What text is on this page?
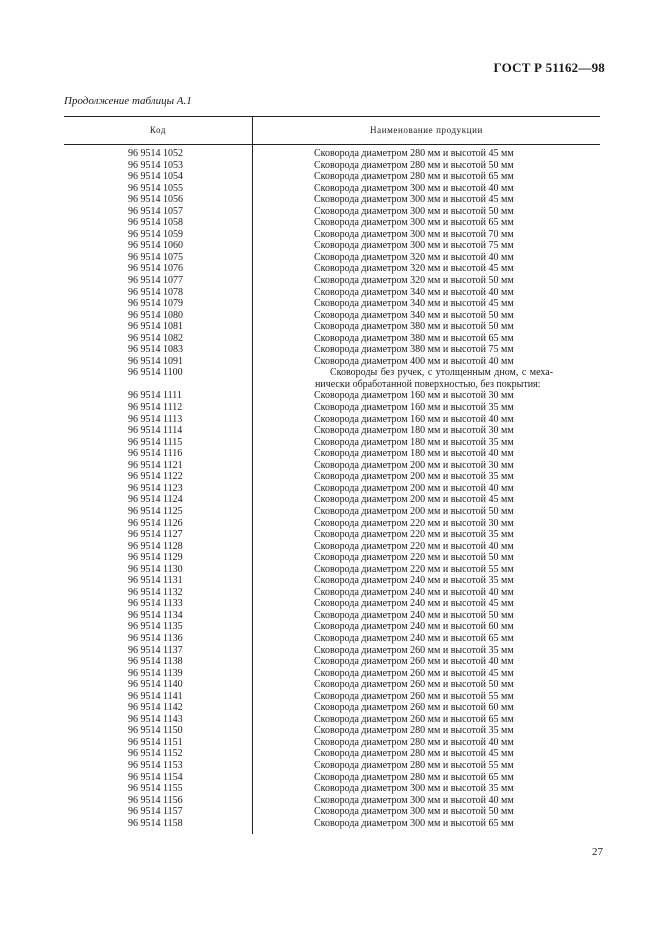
ГОСТ Р 51162—98
Продолжение таблицы А.1
Код	Наименование продукции
96 9514 1052	Сковорода диаметром 280 мм и высотой 45 мм
96 9514 1053	Сковорода диаметром 280 мм и высотой 50 мм
96 9514 1054	Сковорода диаметром 280 мм и высотой 65 мм
96 9514 1055	Сковорода диаметром 300 мм и высотой 40 мм
96 9514 1056	Сковорода диаметром 300 мм и высотой 45 мм
96 9514 1057	Сковорода диаметром 300 мм и высотой 50 мм
96 9514 1058	Сковорода диаметром 300 мм и высотой 65 мм
96 9514 1059	Сковорода диаметром 300 мм и высотой 70 мм
96 9514 1060	Сковорода диаметром 300 мм и высотой 75 мм
96 9514 1075	Сковорода диаметром 320 мм и высотой 40 мм
96 9514 1076	Сковорода диаметром 320 мм и высотой 45 мм
96 9514 1077	Сковорода диаметром 320 мм и высотой 50 мм
96 9514 1078	Сковорода диаметром 340 мм и высотой 40 мм
96 9514 1079	Сковорода диаметром 340 мм и высотой 45 мм
96 9514 1080	Сковорода диаметром 340 мм и высотой 50 мм
96 9514 1081	Сковорода диаметром 380 мм и высотой 50 мм
96 9514 1082	Сковорода диаметром 380 мм и высотой 65 мм
96 9514 1083	Сковорода диаметром 380 мм и высотой 75 мм
96 9514 1091	Сковорода диаметром 400 мм и высотой 40 мм
96 9514 1100	Сковороды без ручек, с утолщенным дном, с меха-
нически обработанной поверхностью, без покрытия:
96 9514 1111	Сковорода диаметром 160 мм и высотой 30 мм
96 9514 1112	Сковорода диаметром 160 мм и высотой 35 мм
96 9514 1113	Сковорода диаметром 160 мм и высотой 40 мм
96 9514 1114	Сковорода диаметром 180 мм и высотой 30 мм
96 9514 1115	Сковорода диаметром 180 мм и высотой 35 мм
96 9514 1116	Сковорода диаметром 180 мм и высотой 40 мм
96 9514 1121	Сковорода диаметром 200 мм и высотой 30 мм
96 9514 1122	Сковорода диаметром 200 мм и высотой 35 мм
96 9514 1123	Сковорода диаметром 200 мм и высотой 40 мм
96 9514 1124	Сковорода диаметром 200 мм и высотой 45 мм
96 9514 1125	Сковорода диаметром 200 мм и высотой 50 мм
96 9514 1126	Сковорода диаметром 220 мм и высотой 30 мм
96 9514 1127	Сковорода диаметром 220 мм и высотой 35 мм
96 9514 1128	Сковорода диаметром 220 мм и высотой 40 мм
96 9514 1129	Сковорода диаметром 220 мм и высотой 50 мм
96 9514 1130	Сковорода диаметром 220 мм и высотой 55 мм
96 9514 1131	Сковорода диаметром 240 мм и высотой 35 мм
96 9514 1132	Сковорода диаметром 240 мм и высотой 40 мм
96 9514 1133	Сковорода диаметром 240 мм и высотой 45 мм
96 9514 1134	Сковорода диаметром 240 мм и высотой 50 мм
96 9514 1135	Сковорода диаметром 240 мм и высотой 60 мм
96 9514 1136	Сковорода диаметром 240 мм и высотой 65 мм
96 9514 1137	Сковорода диаметром 260 мм и высотой 35 мм
96 9514 1138	Сковорода диаметром 260 мм и высотой 40 мм
96 9514 1139	Сковорода диаметром 260 мм и высотой 45 мм
96 9514 1140	Сковорода диаметром 260 мм и высотой 50 мм
96 9514 1141	Сковорода диаметром 260 мм и высотой 55 мм
96 9514 1142	Сковорода диаметром 260 мм и высотой 60 мм
96 9514 1143	Сковорода диаметром 260 мм и высотой 65 мм
96 9514 1150	Сковорода диаметром 280 мм и высотой 35 мм
96 9514 1151	Сковорода диаметром 280 мм и высотой 40 мм
96 9514 1152	Сковорода диаметром 280 мм и высотой 45 мм
96 9514 1153	Сковорода диаметром 280 мм и высотой 55 мм
96 9514 1154	Сковорода диаметром 280 мм и высотой 65 мм
96 9514 1155	Сковорода диаметром 300 мм и высотой 35 мм
96 9514 1156	Сковорода диаметром 300 мм и высотой 40 мм
96 9514 1157	Сковорода диаметром 300 мм и высотой 50 мм
96 9514 1158	Сковорода диаметром 300 мм и высотой 65 мм
27
